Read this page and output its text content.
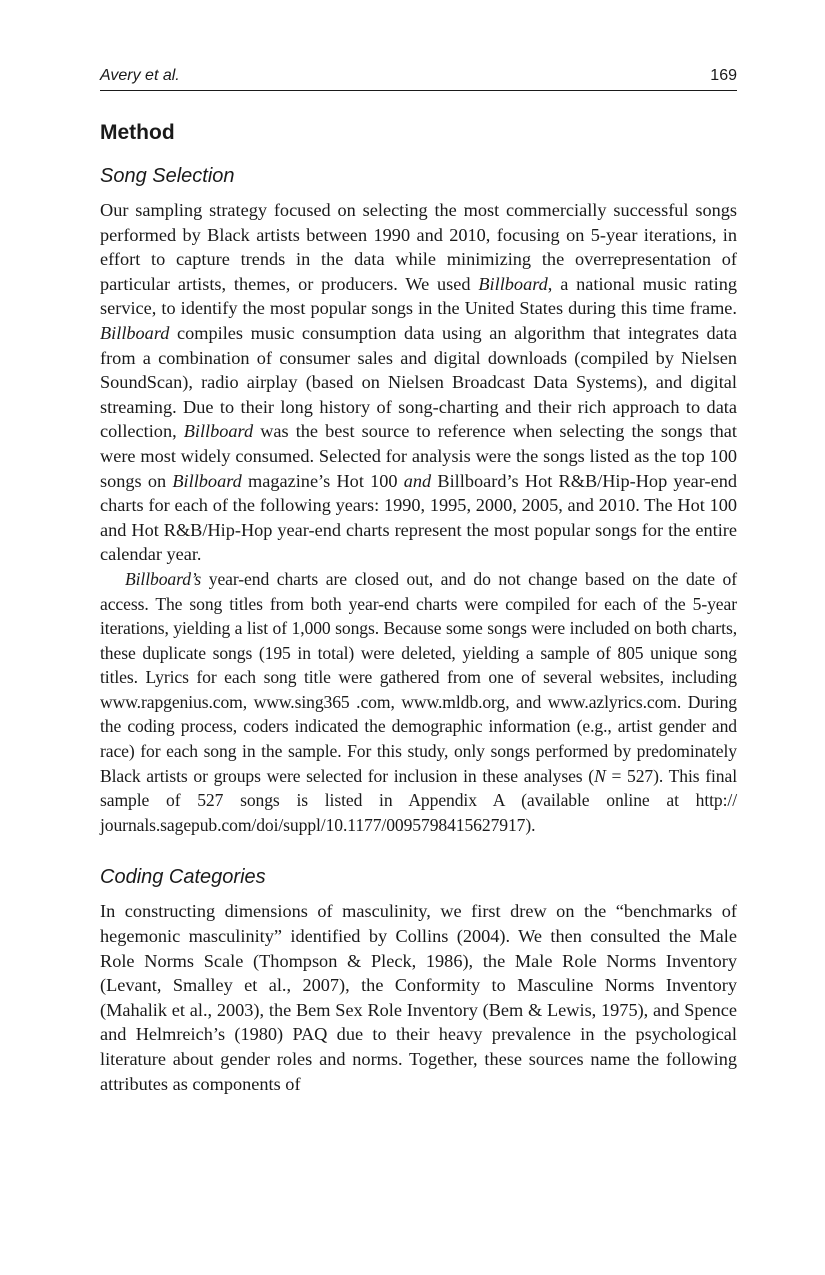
Avery et al.	169
Method
Song Selection

Our sampling strategy focused on selecting the most commercially successful songs performed by Black artists between 1990 and 2010, focusing on 5-year iterations, in effort to capture trends in the data while minimizing the overrepresentation of particular artists, themes, or producers. We used Billboard, a national music rating service, to identify the most popular songs in the United States during this time frame. Billboard compiles music consumption data using an algorithm that integrates data from a combination of consumer sales and digital downloads (compiled by Nielsen SoundScan), radio airplay (based on Nielsen Broadcast Data Systems), and digital streaming. Due to their long history of song-charting and their rich approach to data collection, Billboard was the best source to reference when selecting the songs that were most widely consumed. Selected for analysis were the songs listed as the top 100 songs on Billboard magazine’s Hot 100 and Billboard’s Hot R&B/Hip-Hop year-end charts for each of the following years: 1990, 1995, 2000, 2005, and 2010. The Hot 100 and Hot R&B/Hip-Hop year-end charts represent the most popular songs for the entire calendar year.

Billboard’s year-end charts are closed out, and do not change based on the date of access. The song titles from both year-end charts were compiled for each of the 5-year iterations, yielding a list of 1,000 songs. Because some songs were included on both charts, these duplicate songs (195 in total) were deleted, yielding a sample of 805 unique song titles. Lyrics for each song title were gathered from one of several websites, including www.rapgenius.com, www.sing365 .com, www.mldb.org, and www.azlyrics.com. During the coding process, coders indicated the demographic information (e.g., artist gender and race) for each song in the sample. For this study, only songs performed by predominately Black artists or groups were selected for inclusion in these analyses (N = 527). This final sample of 527 songs is listed in Appendix A (available online at http:// journals.sagepub.com/doi/suppl/10.1177/0095798415627917).

Coding Categories

In constructing dimensions of masculinity, we first drew on the “benchmarks of hegemonic masculinity” identified by Collins (2004). We then consulted the Male Role Norms Scale (Thompson & Pleck, 1986), the Male Role Norms Inventory (Levant, Smalley et al., 2007), the Conformity to Masculine Norms Inventory (Mahalik et al., 2003), the Bem Sex Role Inventory (Bem & Lewis, 1975), and Spence and Helmreich’s (1980) PAQ due to their heavy prevalence in the psychological literature about gender roles and norms. Together, these sources name the following attributes as components of
